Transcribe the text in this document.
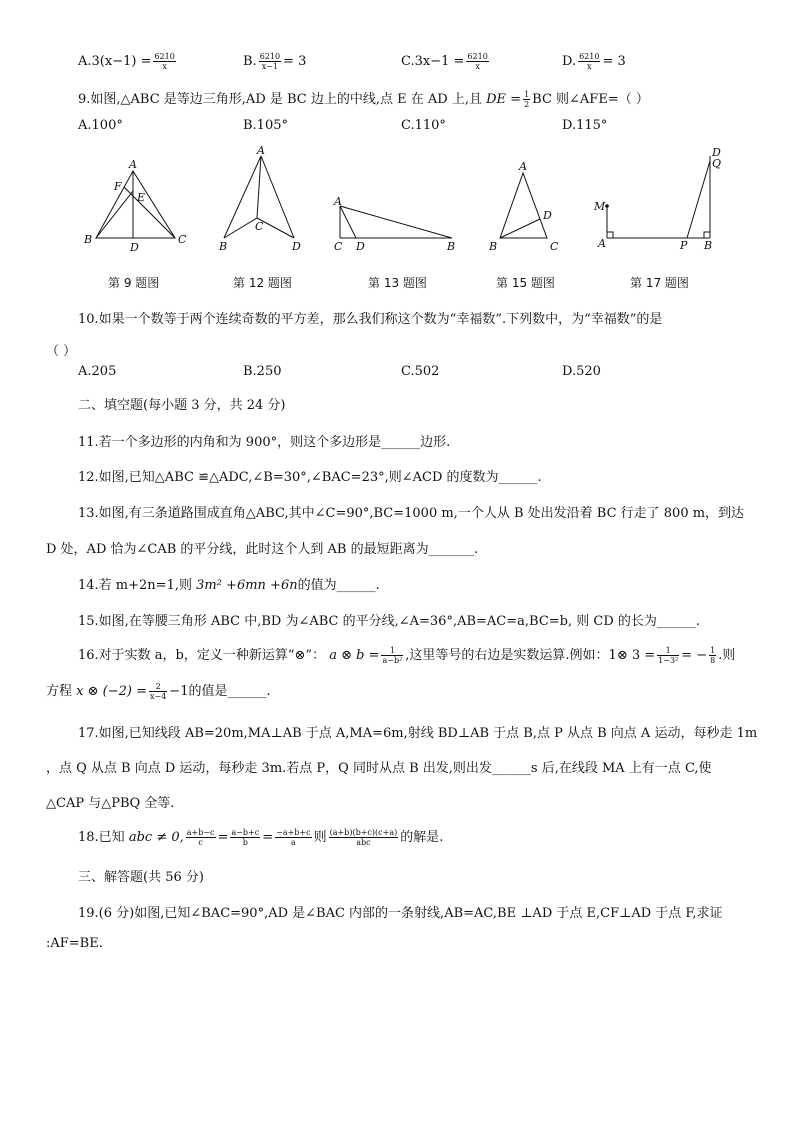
$A.3(x-1) = \frac{6210}{x}$	B. $\frac{6210}{x-1} = 3$	$C.3x-1 = \frac{6210}{x}$	D. $\frac{6210}{x} = 3$
9.如图,△ABC 是等边三角形,AD 是 BC 边上的中线,点 E 在 AD 上,且 DE = $\frac{1}{2}$ BC 则∠AFE=（ ）
A.100°	B.105°	C.110°	D.115°
A
F
E
B
D
C
A
C
B	D
A
C D	B
A
D
B	C
D
Q
M
A	P B
第 9 题图	第 12 题图	第 13 题图	第 15 题图	第 17 题图
10.如果一个数等于两个连续奇数的平方差，那么我们称这个数为“幸福数”.下列数中，为“幸福数”的是
（ ）
A.205	B.250	C.502	D.520
二、填空题(每小题 3 分，共 24 分)
11.若一个多边形的内角和为 900°，则这个多边形是______边形.
12.如图,已知△ABC ≌△ADC,∠B=30°,∠BAC=23°,则∠ACD 的度数为______.
13.如图,有三条道路围成直角△ABC,其中∠C=90°,BC=1000 m,一个人从 B 处出发沿着 BC 行走了 800 m，到达
D 处，AD 恰为∠CAB 的平分线，此时这个人到 AB 的最短距离为_______.
14.若 m+2n=1,则 3m² +6mn +6n的值为______.
15.如图,在等腰三角形 ABC 中,BD 为∠ABC 的平分线,∠A=36°,AB=AC=a,BC=b, 则 CD 的长为______.
16.对于实数 a，b，定义一种新运算“⊗”： a ⊗ $b = \frac{1}{\text{a−b²}}$ ,这里等号的右边是实数运算.例如：1⊗ $3 = \frac{1}{\text{1−3²}}$ = − $\frac{1}{8}$ .则
方程 x ⊗ $(-2) = \frac{2}{x-4} -1$的值是______.
17.如图,已知线段 AB=20m,MA⊥AB 于点 A,MA=6m,射线 BD⊥AB 于点 B,点 P 从点 B 向点 A 运动，每秒走 1m
，点 Q 从点 B 向点 D 运动，每秒走 3m.若点 P，Q 同时从点 B 出发,则出发______s 后,在线段 MA 上有一点 C,使
△CAP 与△PBQ 全等.
18.已知 abc ≠ 0, $\frac{a+b-c}{c} = \frac{a-b+c}{b} = \frac{-a+b+c}{a}$ 则 $\frac{(a+b)(b+c)(c+a)}{\text{abc}}$ 的解是.
三、解答题(共 56 分)
19.(6 分)如图,已知∠BAC=90°,AD 是∠BAC 内部的一条射线,AB=AC,BE ⊥AD 于点 E,CF⊥AD 于点 F,求证
:AF=BE.
